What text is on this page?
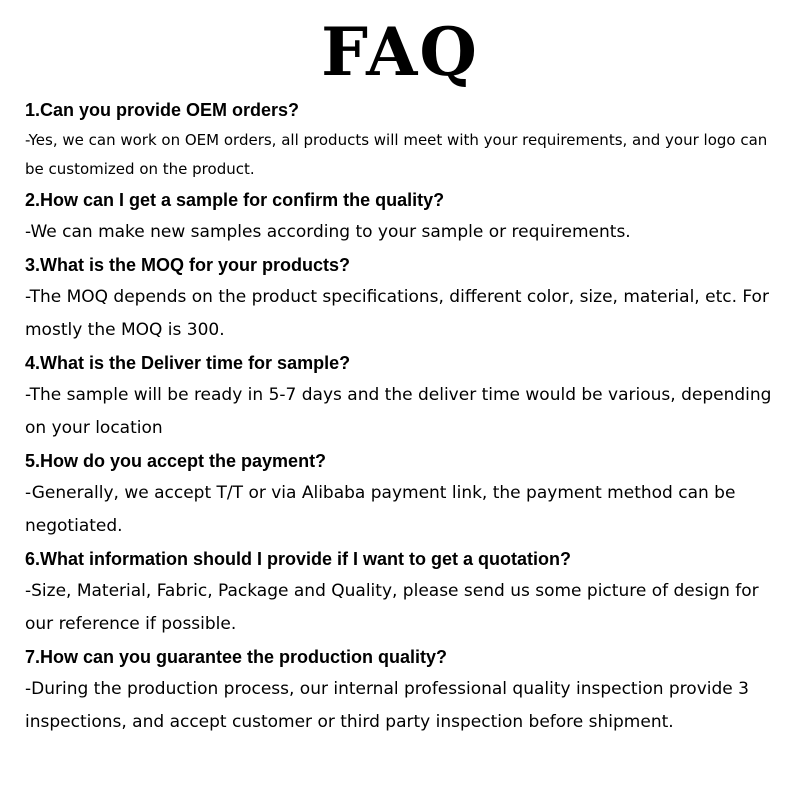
FAQ
1.Can you provide OEM orders?
-Yes, we can work on OEM orders, all products will meet with your requirements, and your logo can be customized on the product.
2.How can I get a sample for confirm the quality?
-We can make new samples according to your sample or requirements.
3.What is the MOQ for your products?
-The MOQ depends on the product specifications, different color, size, material, etc. For mostly the MOQ is 300.
4.What is the Deliver time for sample?
-The sample will be ready in 5-7 days and the deliver time would be various, depending on your location
5.How do you accept the payment?
-Generally, we accept T/T or via Alibaba payment link, the payment method can be negotiated.
6.What information should I provide if I want to get a quotation?
-Size, Material, Fabric, Package and Quality, please send us some picture of design for our reference if possible.
7.How can you guarantee the production quality?
-During the production process, our internal professional quality inspection provide 3 inspections, and accept customer or third party inspection before shipment.
